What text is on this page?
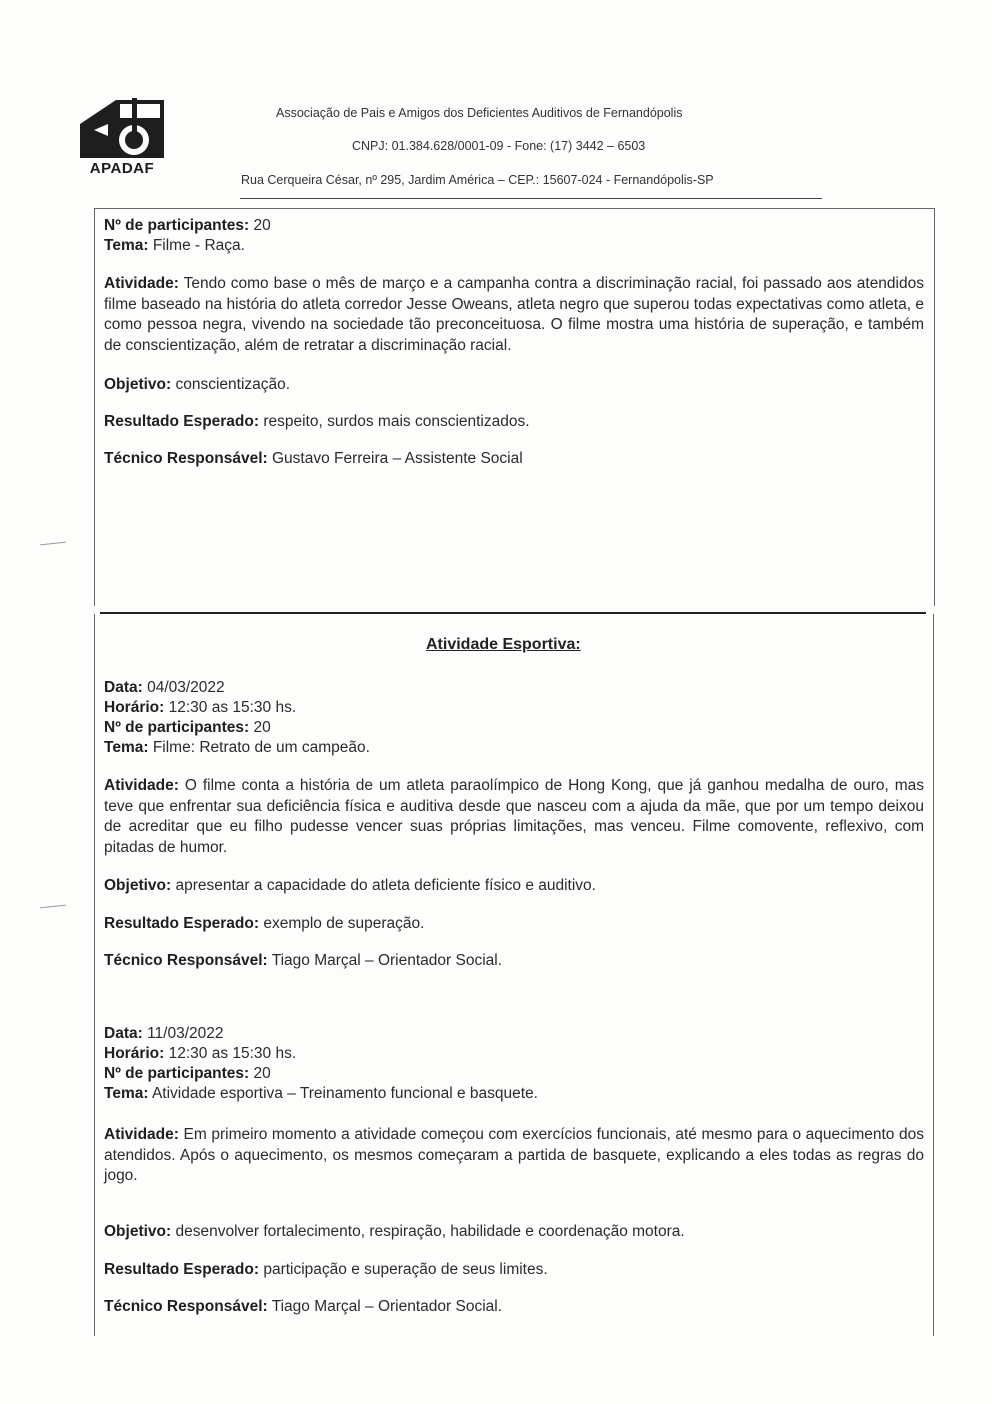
APADAF
Associação de Pais e Amigos dos Deficientes Auditivos de Fernandópolis
CNPJ: 01.384.628/0001-09 - Fone: (17) 3442 – 6503
Rua Cerqueira César, nº 295, Jardim América – CEP.: 15607-024 - Fernandópolis-SP
Nº de participantes: 20
Tema: Filme - Raça.
Atividade: Tendo como base o mês de março e a campanha contra a discriminação racial, foi passado aos atendidos filme baseado na história do atleta corredor Jesse Oweans, atleta negro que superou todas expectativas como atleta, e como pessoa negra, vivendo na sociedade tão preconceituosa. O filme mostra uma história de superação, e também de conscientização, além de retratar a discriminação racial.
Objetivo: conscientização.
Resultado Esperado: respeito, surdos mais conscientizados.
Técnico Responsável: Gustavo Ferreira – Assistente Social
Atividade Esportiva:
Data: 04/03/2022
Horário: 12:30 as 15:30 hs.
Nº de participantes: 20
Tema: Filme: Retrato de um campeão.
Atividade: O filme conta a história de um atleta paraolímpico de Hong Kong, que já ganhou medalha de ouro, mas teve que enfrentar sua deficiência física e auditiva desde que nasceu com a ajuda da mãe, que por um tempo deixou de acreditar que eu filho pudesse vencer suas próprias limitações, mas venceu. Filme comovente, reflexivo, com pitadas de humor.
Objetivo: apresentar a capacidade do atleta deficiente físico e auditivo.
Resultado Esperado: exemplo de superação.
Técnico Responsável: Tiago Marçal – Orientador Social.
Data: 11/03/2022
Horário: 12:30 as 15:30 hs.
Nº de participantes: 20
Tema: Atividade esportiva – Treinamento funcional e basquete.
Atividade: Em primeiro momento a atividade começou com exercícios funcionais, até mesmo para o aquecimento dos atendidos. Após o aquecimento, os mesmos começaram a partida de basquete, explicando a eles todas as regras do jogo.
Objetivo: desenvolver fortalecimento, respiração, habilidade e coordenação motora.
Resultado Esperado: participação e superação de seus limites.
Técnico Responsável: Tiago Marçal – Orientador Social.
